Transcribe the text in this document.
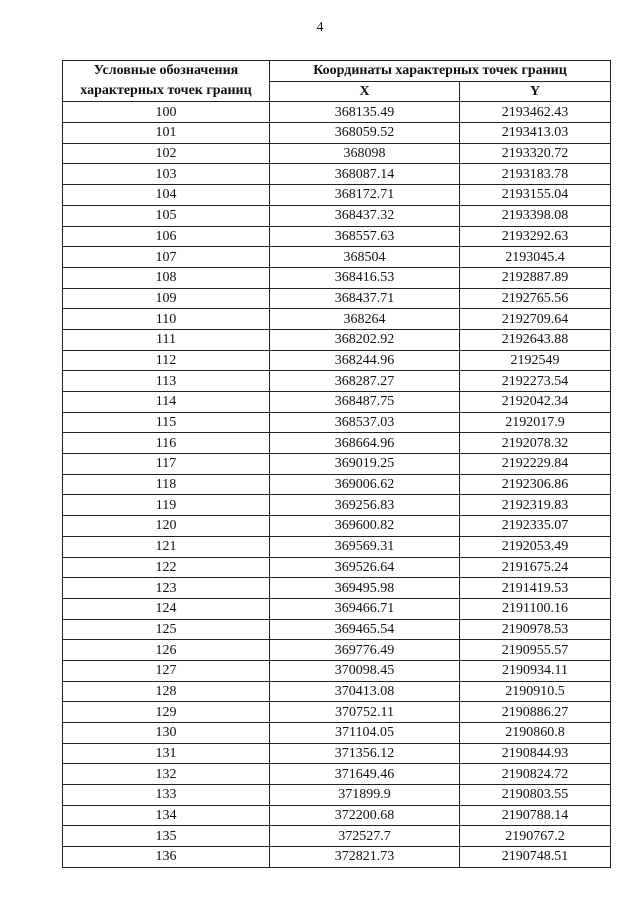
4
Условные обозначения характерных точек границ	Координаты характерных точек границ	
	X	Y
100	368135.49	2193462.43
101	368059.52	2193413.03
102	368098	2193320.72
103	368087.14	2193183.78
104	368172.71	2193155.04
105	368437.32	2193398.08
106	368557.63	2193292.63
107	368504	2193045.4
108	368416.53	2192887.89
109	368437.71	2192765.56
110	368264	2192709.64
111	368202.92	2192643.88
112	368244.96	2192549
113	368287.27	2192273.54
114	368487.75	2192042.34
115	368537.03	2192017.9
116	368664.96	2192078.32
117	369019.25	2192229.84
118	369006.62	2192306.86
119	369256.83	2192319.83
120	369600.82	2192335.07
121	369569.31	2192053.49
122	369526.64	2191675.24
123	369495.98	2191419.53
124	369466.71	2191100.16
125	369465.54	2190978.53
126	369776.49	2190955.57
127	370098.45	2190934.11
128	370413.08	2190910.5
129	370752.11	2190886.27
130	371104.05	2190860.8
131	371356.12	2190844.93
132	371649.46	2190824.72
133	371899.9	2190803.55
134	372200.68	2190788.14
135	372527.7	2190767.2
136	372821.73	2190748.51
